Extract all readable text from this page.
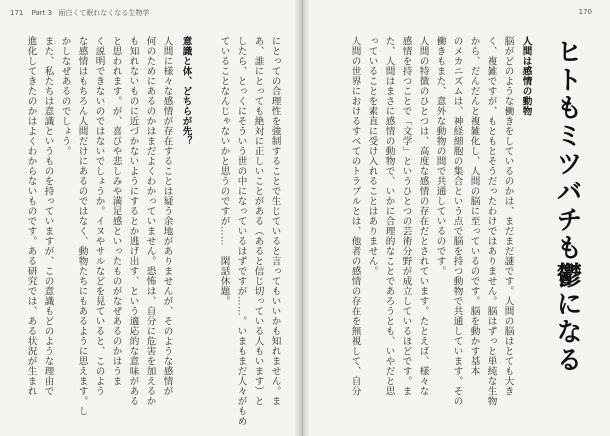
171 Part 3 面白くて眠れなくなる生物学
にとっての合理性を強制することで生じていると言ってもいいかも知れません。ま
あ、誰にとっても絶対に正しいことがある（あると信じ切っている人もいます）と
したら、とっくにそういう世の中になっているはずですが……。いまもまだ人々がもめ
ていることなんじゃないかと思うのですが……　閑話休題。
意識と体、どちらが先？
人間に様々な感情が存在することは疑う余地がありませんが、そのような感情が
何のためにあるのかはまだよくわかっていません。恐怖は、自分に危害を加えるか
も知れないものに近づかないようにするとか逃げ出す、という適応的な意味がある
と思われます。が、喜びや悲しみや満足感といったものがなぜあるのかはうま
く説明できないのではないでしょうか。イヌやサルなどを見ていると、このよう
な感情はもちろん人間だけにあるのではなく、動物たちにもあるように思えます。し
かしなぜあるのでしょう。
また、私たちは意識というものを持っていますが、この意識もどのような理由で
進化してきたのかはよくわからないものです。ある研究では、ある状況が生まれ
170
ヒトもミツバチも鬱になる
人間は感情の動物
脳がどのような働きをしているのかは、まだまだ謎です。人間の脳はとても大き
く、複雑ですが、もともとそうだったわけではありません。脳はずっと単純な生物
から、だんだんと複雑化し、人間の脳に至っているのです。脳を動かす基本
のメカニズムは、神経細胞の集合という点で脳を持つ動物で共通しています。その
働きもまた、意外な動物の間で共通しているのです。
人間の特徴のひとつは、高度な感情の存在だとされています。たとえば、様々な
感情を持つことで「文学」というひとつの芸術分野が成立しているほどです。ま
た、人間はまさに感情の動物で、いかに合理的なことであろうとも、いやだと思
っていることを素直に受け入れることはありません。
人間の世界におけるすべてのトラブルとは、他者の感情の存在を無視して、自分
